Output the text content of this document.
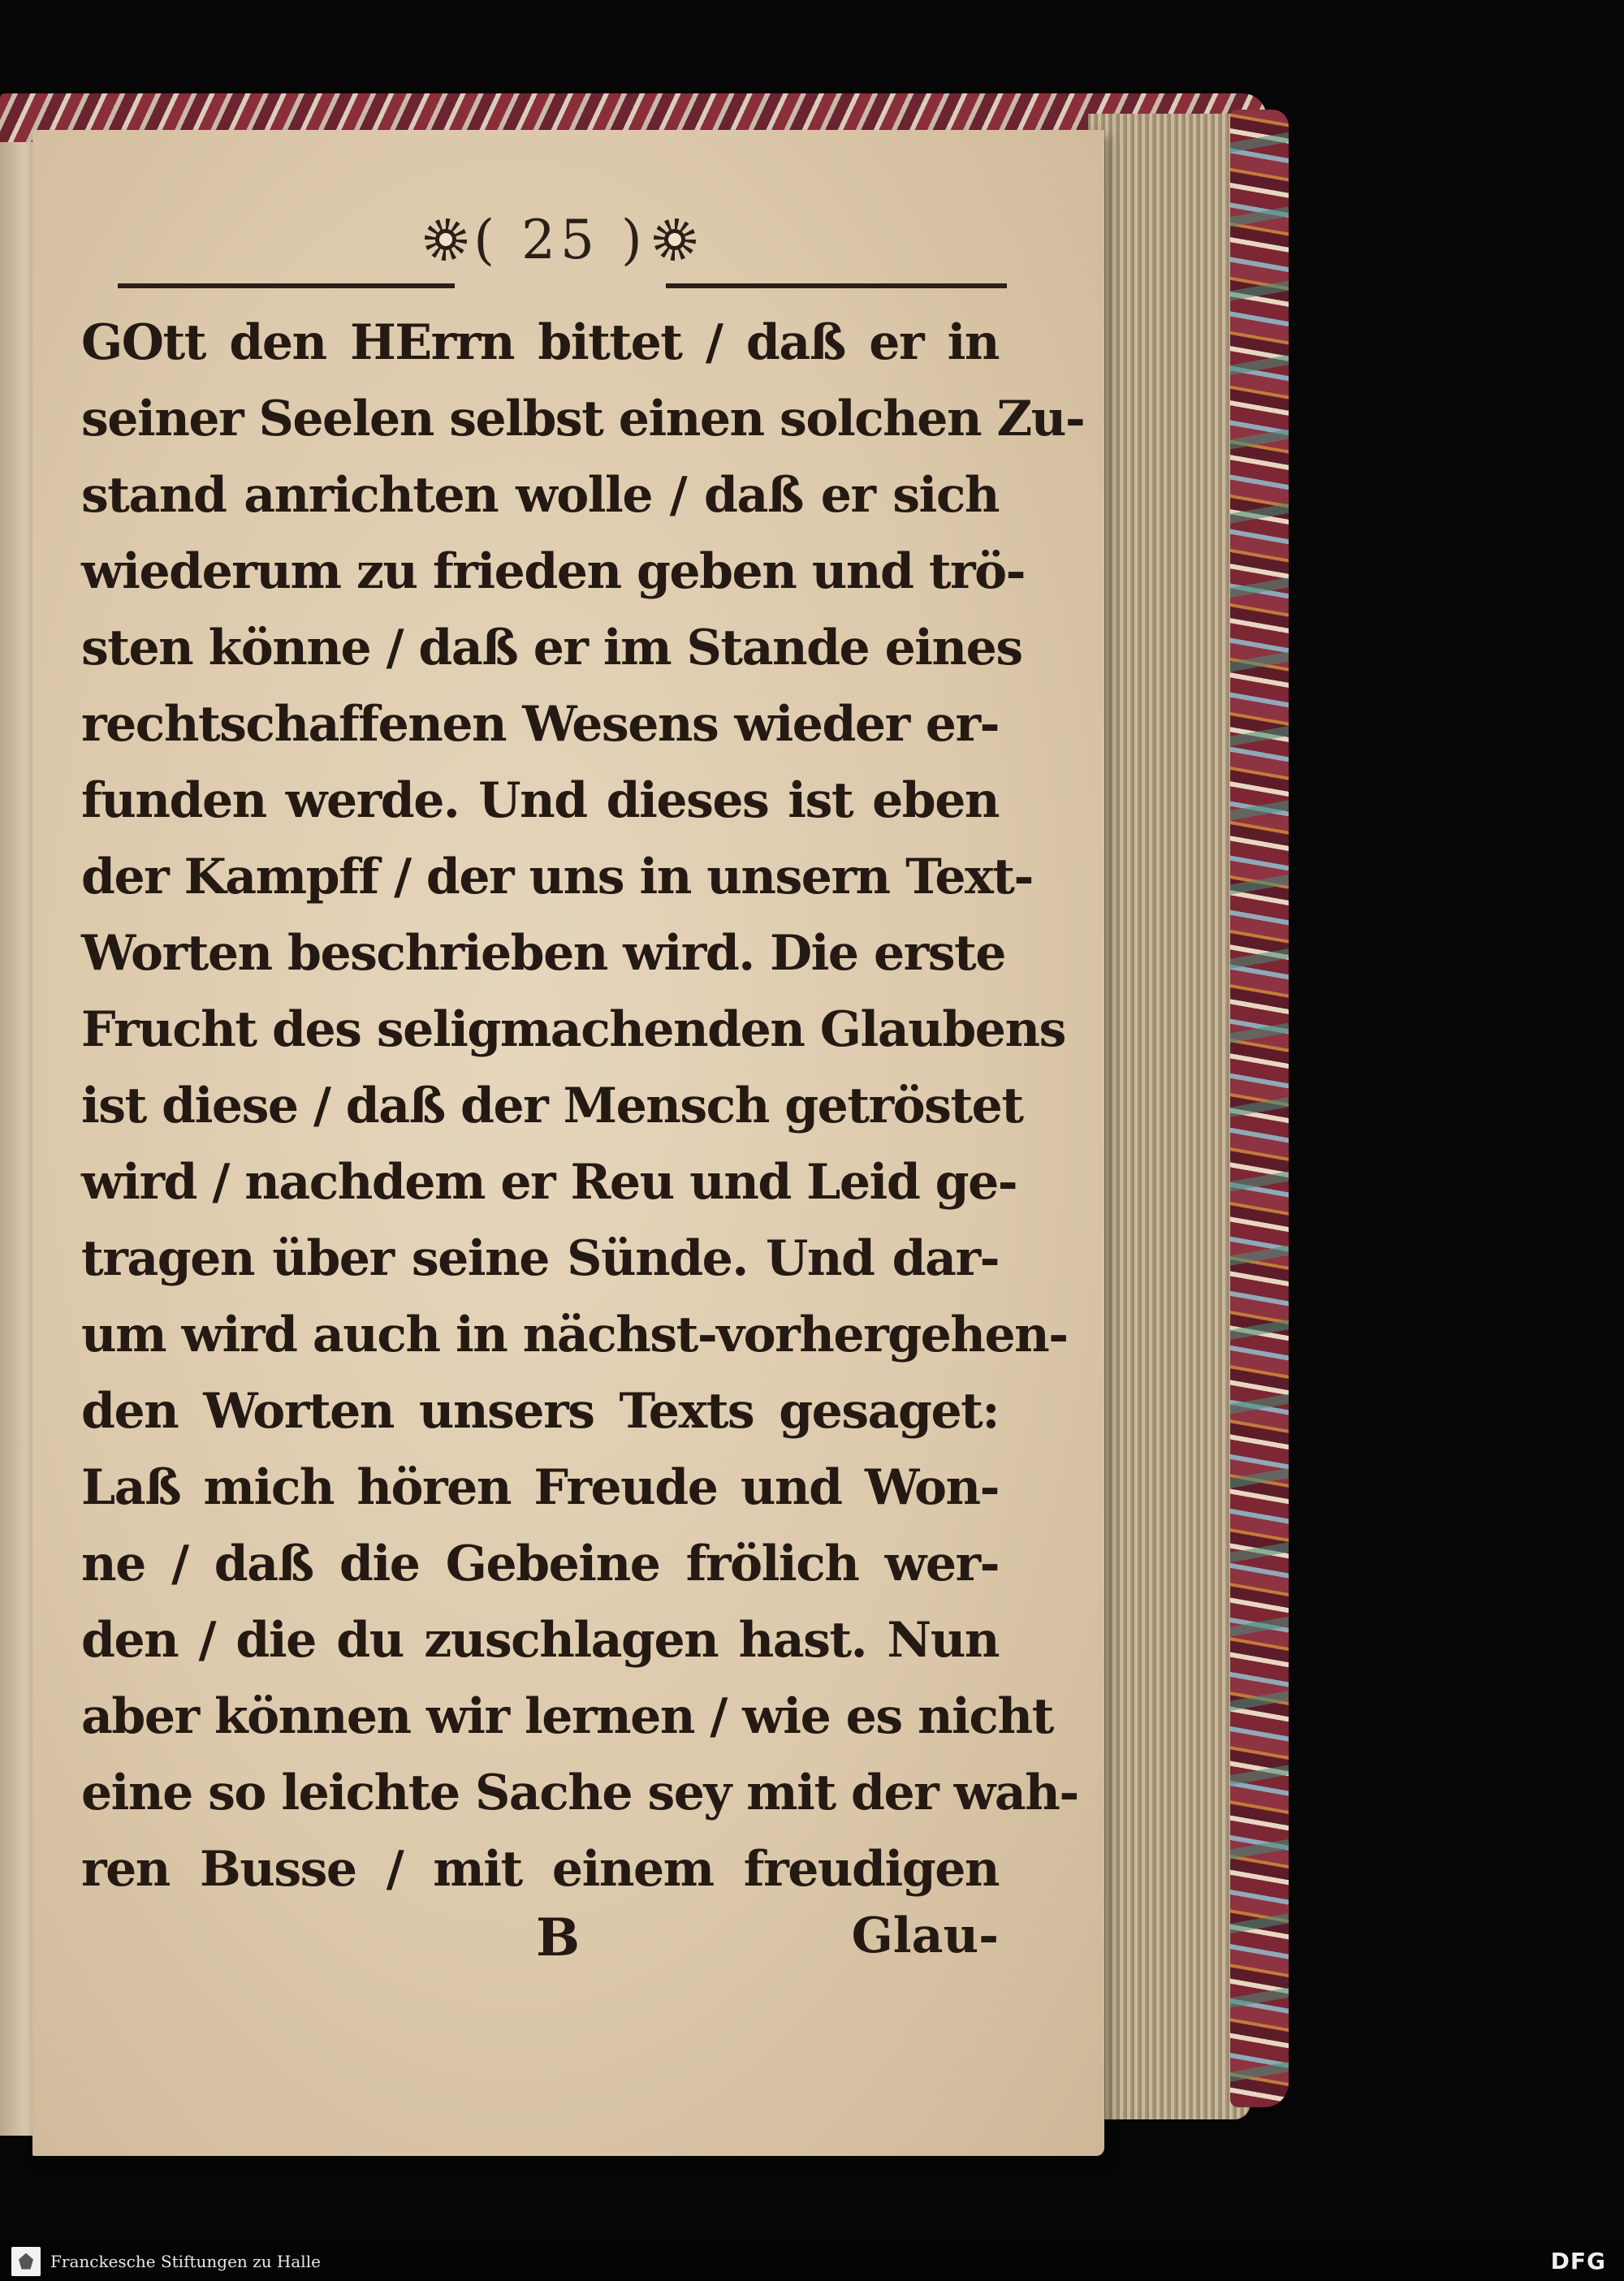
( 25 )
GOtt den HErrn bittet / daß er in
seiner Seelen selbst einen solchen Zu-
stand anrichten wolle / daß er sich
wiederum zu frieden geben und trö-
sten könne / daß er im Stande eines
rechtschaffenen Wesens wieder er-
funden werde. Und dieses ist eben
der Kampff / der uns in unsern Text-
Worten beschrieben wird. Die erste
Frucht des seligmachenden Glaubens
ist diese / daß der Mensch getröstet
wird / nachdem er Reu und Leid ge-
tragen über seine Sünde. Und dar-
um wird auch in nächst-vorhergehen-
den Worten unsers Texts gesaget:
Laß mich hören Freude und Won-
ne / daß die Gebeine frölich wer-
den / die du zuschlagen hast. Nun
aber können wir lernen / wie es nicht
eine so leichte Sache sey mit der wah-
ren Busse / mit einem freudigen
B	Glau-
Franckesche Stiftungen zu Halle	DFG
